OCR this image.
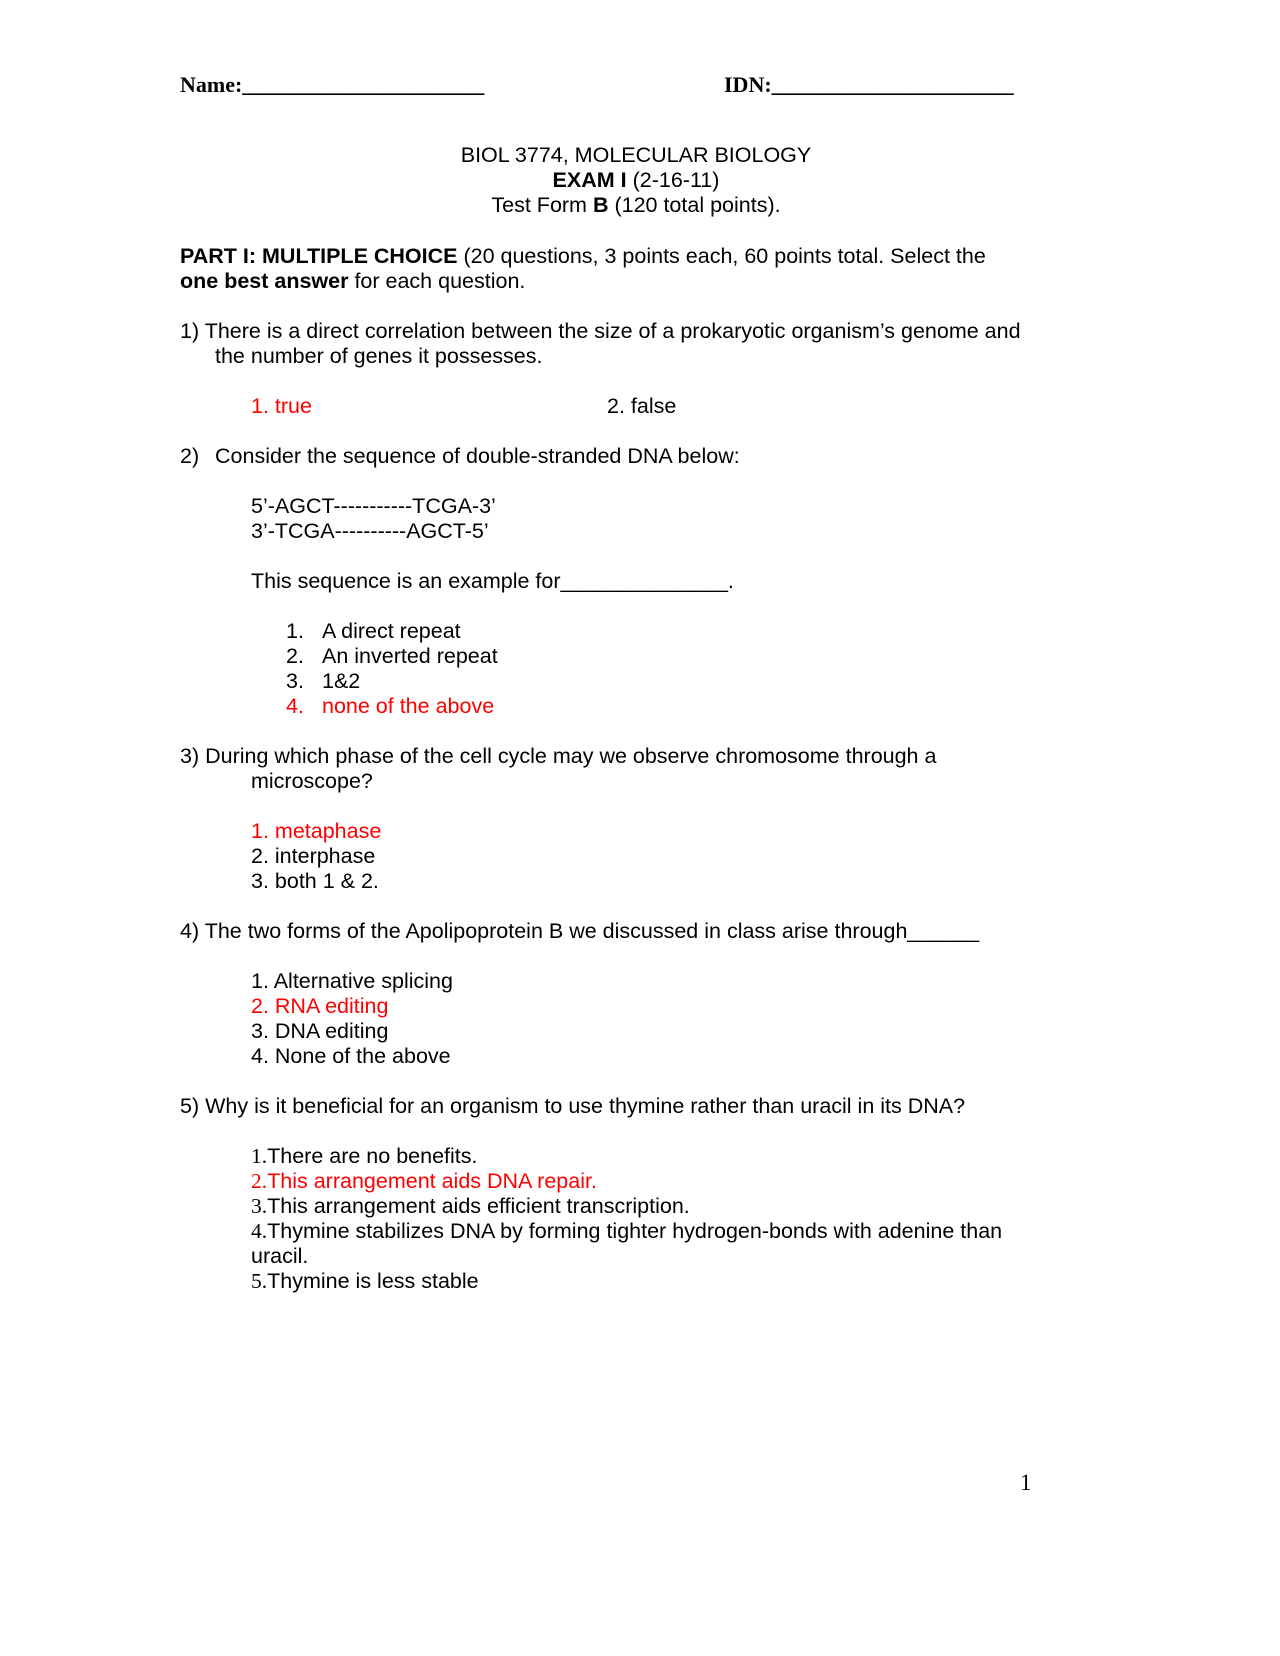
Name:______________________	IDN:______________________
BIOL 3774, MOLECULAR BIOLOGY
EXAM I (2-16-11)
Test Form B (120 total points).
PART I: MULTIPLE CHOICE (20 questions, 3 points each, 60 points total. Select the
one best answer for each question.
1) There is a direct correlation between the size of a prokaryotic organism’s genome and
the number of genes it possesses.
1. true	2. false
2) Consider the sequence of double-stranded DNA below:
5’-AGCT-----------TCGA-3’
3’-TCGA----------AGCT-5’
This sequence is an example for______________.
1. A direct repeat
2. An inverted repeat
3. 1&2
4. none of the above
3) During which phase of the cell cycle may we observe chromosome through a
microscope?
1. metaphase
2. interphase
3. both 1 & 2.
4) The two forms of the Apolipoprotein B we discussed in class arise through______
1. Alternative splicing
2. RNA editing
3. DNA editing
4. None of the above
5) Why is it beneficial for an organism to use thymine rather than uracil in its DNA?
1.There are no benefits.
2.This arrangement aids DNA repair.
3.This arrangement aids efficient transcription.
4.Thymine stabilizes DNA by forming tighter hydrogen-bonds with adenine than
uracil.
5.Thymine is less stable
1
